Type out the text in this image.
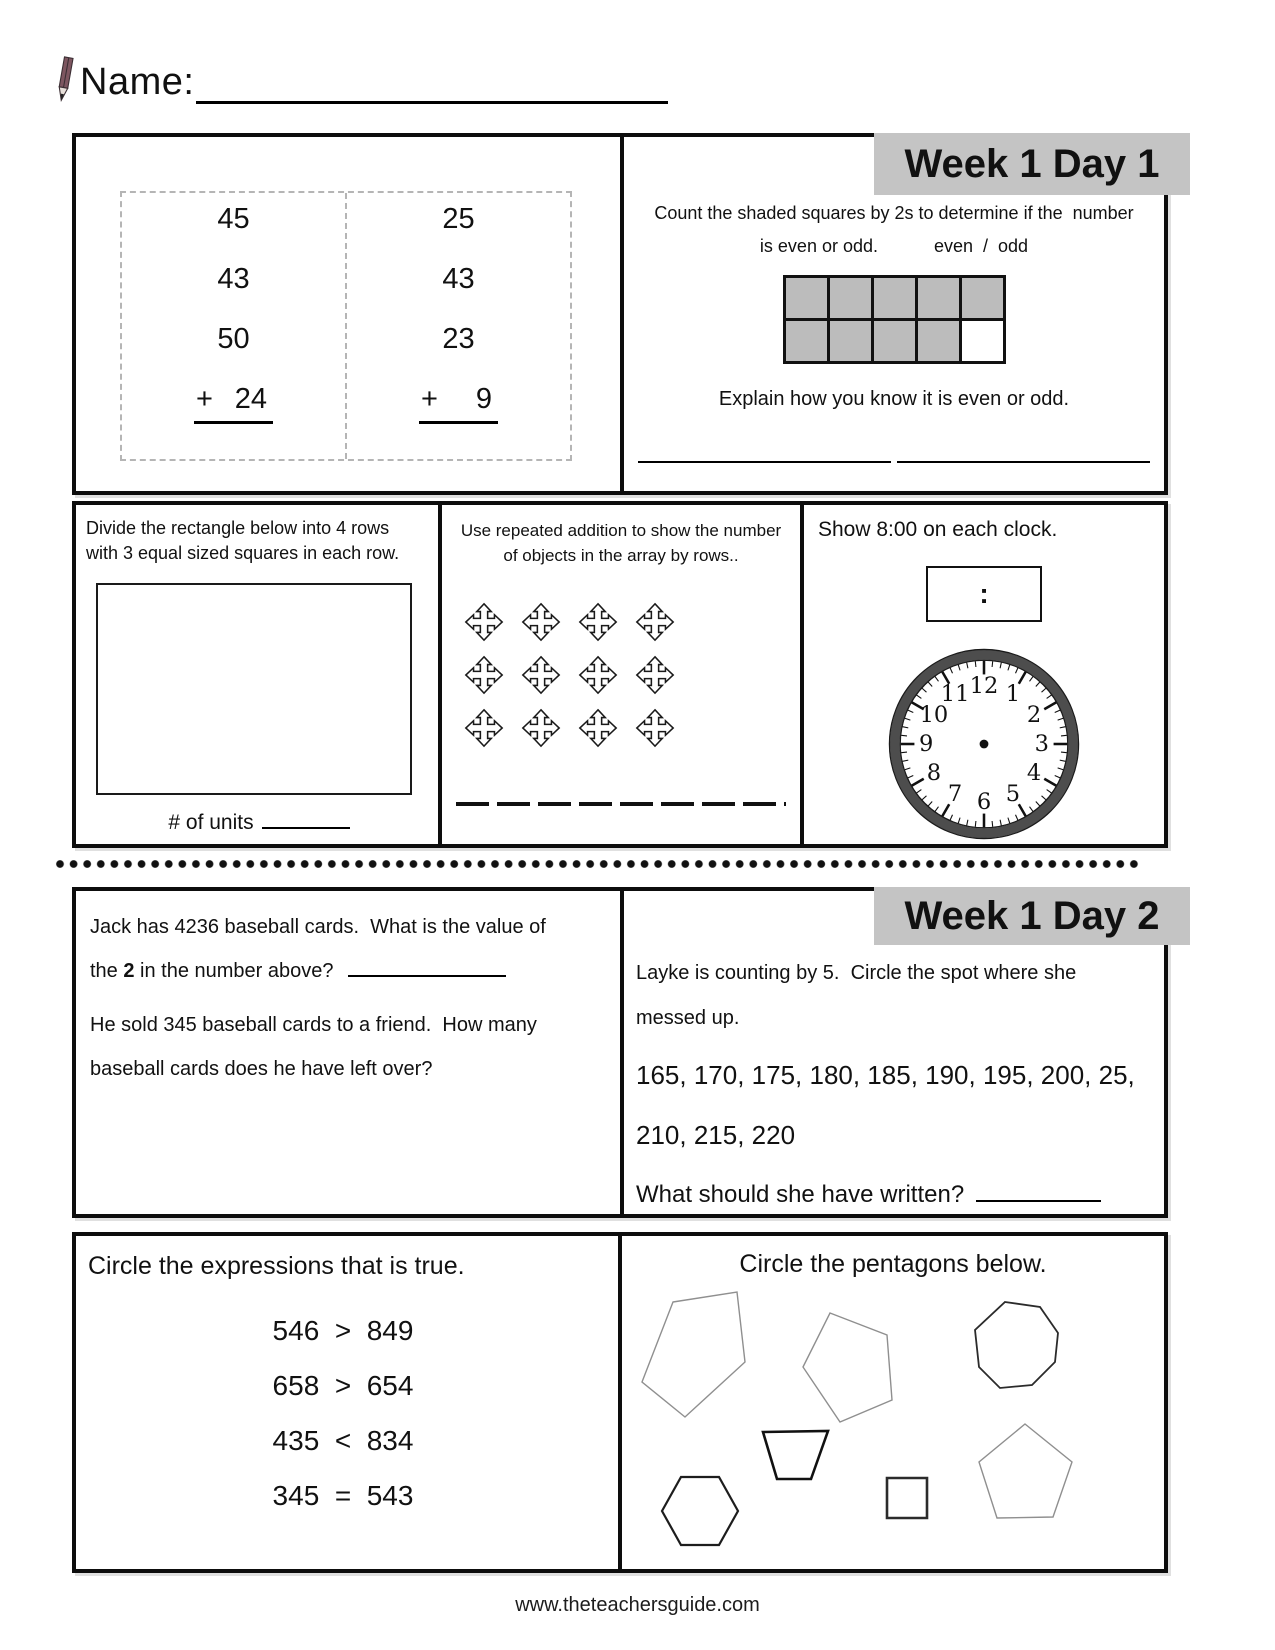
Name:
45
43
50
+ 24
25
43
23
+	9
Week 1 Day 1
Count the shaded squares by 2s to determine if the  number
is even or odd.	even  /  odd
Explain how you know it is even or odd.
Divide the rectangle below into 4 rows
with 3 equal sized squares in each row.
# of units
Use repeated addition to show the number
of objects in the array by rows..
Show 8:00 on each clock.
:
12 1
2
3
4
5
6
7
8
9
10
11
Jack has 4236 baseball cards.  What is the value of
the 2 in the number above?
He sold 345 baseball cards to a friend.  How many
baseball cards does he have left over?
Week 1 Day 2
Layke is counting by 5.  Circle the spot where she
messed up.
165, 170, 175, 180, 185, 190, 195, 200, 25,
210, 215, 220
What should she have written?
Circle the expressions that is true.
546  >  849
658  >  654
435  <  834
345  =  543
Circle the pentagons below.
www.theteachersguide.com
